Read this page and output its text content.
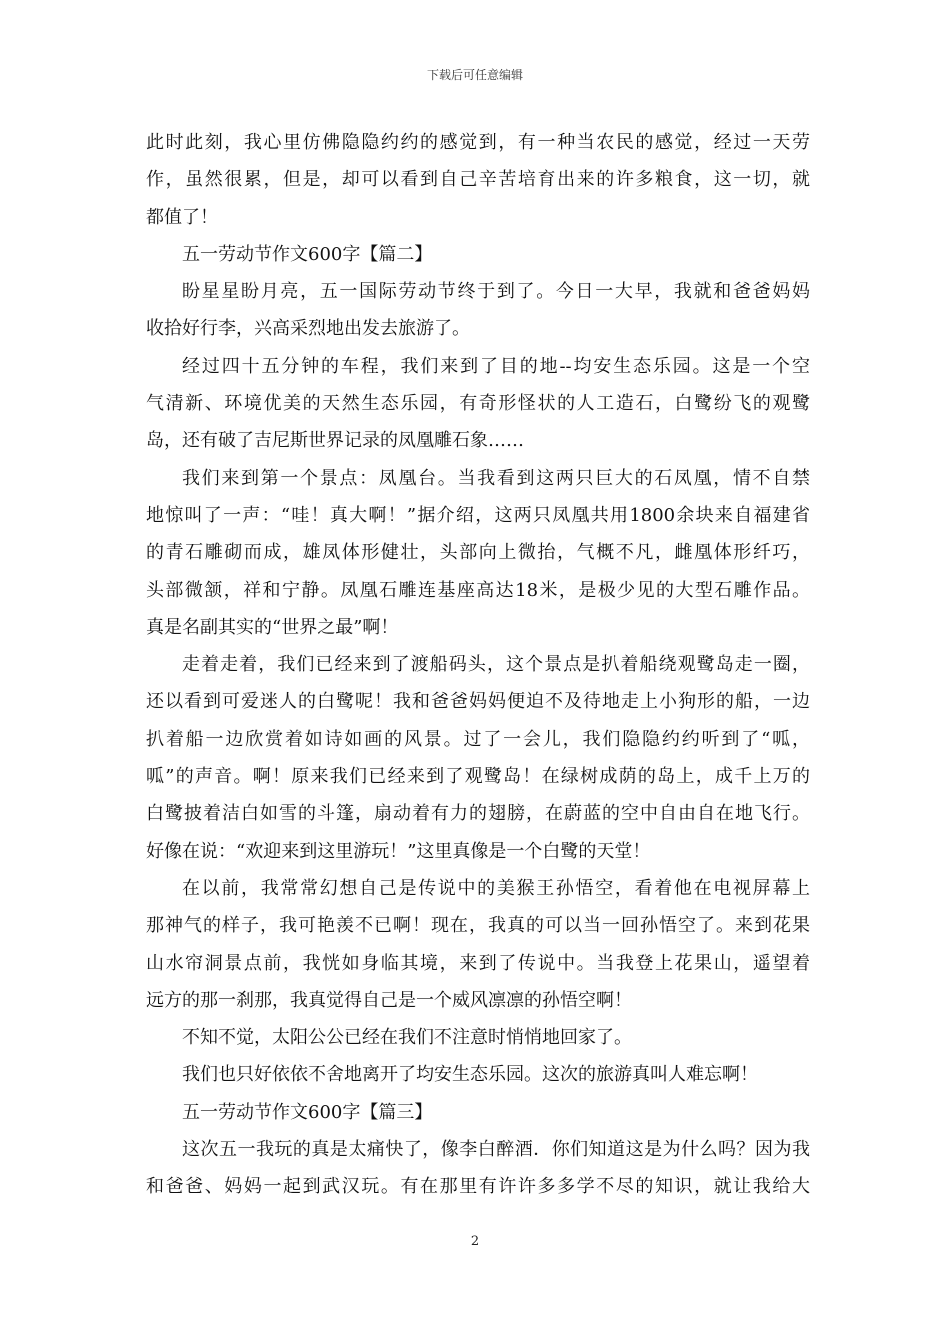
下载后可任意编辑
此时此刻，我心里仿佛隐隐约约的感觉到，有一种当农民的感觉，经过一天劳
作，虽然很累，但是，却可以看到自己辛苦培育出来的许多粮食，这一切，就
都值了！
五一劳动节作文600字【篇二】
盼星星盼月亮，五一国际劳动节终于到了。今日一大早，我就和爸爸妈妈
收拾好行李，兴高采烈地出发去旅游了。
经过四十五分钟的车程，我们来到了目的地--均安生态乐园。这是一个空
气清新、环境优美的天然生态乐园，有奇形怪状的人工造石，白鹭纷飞的观鹭
岛，还有破了吉尼斯世界记录的凤凰雕石象……
我们来到第一个景点：凤凰台。当我看到这两只巨大的石凤凰，情不自禁
地惊叫了一声：“哇！真大啊！”据介绍，这两只凤凰共用1800余块来自福建省
的青石雕砌而成，雄凤体形健壮，头部向上微抬，气概不凡，雌凰体形纤巧，
头部微颔，祥和宁静。凤凰石雕连基座高达18米，是极少见的大型石雕作品。
真是名副其实的“世界之最”啊！
走着走着，我们已经来到了渡船码头，这个景点是扒着船绕观鹭岛走一圈，
还以看到可爱迷人的白鹭呢！我和爸爸妈妈便迫不及待地走上小狗形的船，一边
扒着船一边欣赏着如诗如画的风景。过了一会儿，我们隐隐约约听到了“呱，
呱”的声音。啊！原来我们已经来到了观鹭岛！在绿树成荫的岛上，成千上万的
白鹭披着洁白如雪的斗篷，扇动着有力的翅膀，在蔚蓝的空中自由自在地飞行。
好像在说：“欢迎来到这里游玩！”这里真像是一个白鹭的天堂！
在以前，我常常幻想自己是传说中的美猴王孙悟空，看着他在电视屏幕上
那神气的样子，我可艳羡不已啊！现在，我真的可以当一回孙悟空了。来到花果
山水帘洞景点前，我恍如身临其境，来到了传说中。当我登上花果山，遥望着
远方的那一刹那，我真觉得自己是一个威风凛凛的孙悟空啊！
不知不觉，太阳公公已经在我们不注意时悄悄地回家了。
我们也只好依依不舍地离开了均安生态乐园。这次的旅游真叫人难忘啊！
五一劳动节作文600字【篇三】
这次五一我玩的真是太痛快了，像李白醉酒．你们知道这是为什么吗？因为我
和爸爸、妈妈一起到武汉玩。有在那里有许许多多学不尽的知识，就让我给大
2
